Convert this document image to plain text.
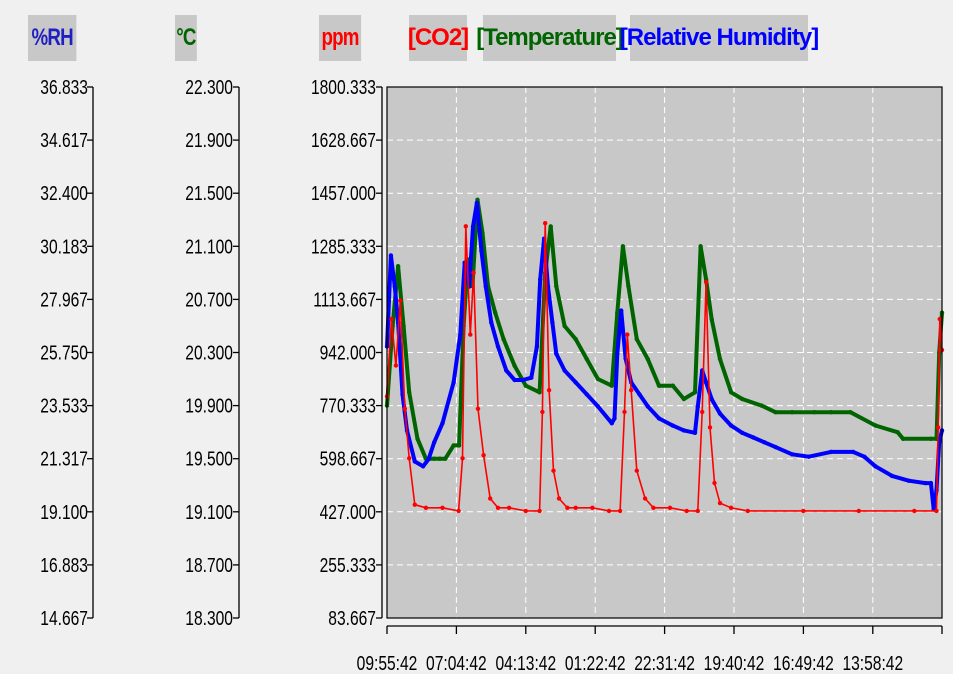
%RH	°C	ppm [CO2] [Temperature]
[Relative Humidity]
36.833
34.617
32.400
30.183
27.967
25.750
23.533
21.317
19.100
16.883
14.667
22.300
21.900
21.500
21.100
20.700
20.300
19.900
19.500
19.100
18.700
18.300
1800.333
1628.667
1457.000
1285.333
1113.667
942.000
770.333
598.667
427.000
255.333
83.667
09:55:42 07:04:42 04:13:42 01:22:42 22:31:42 19:40:42 16:49:42 13:58:42
